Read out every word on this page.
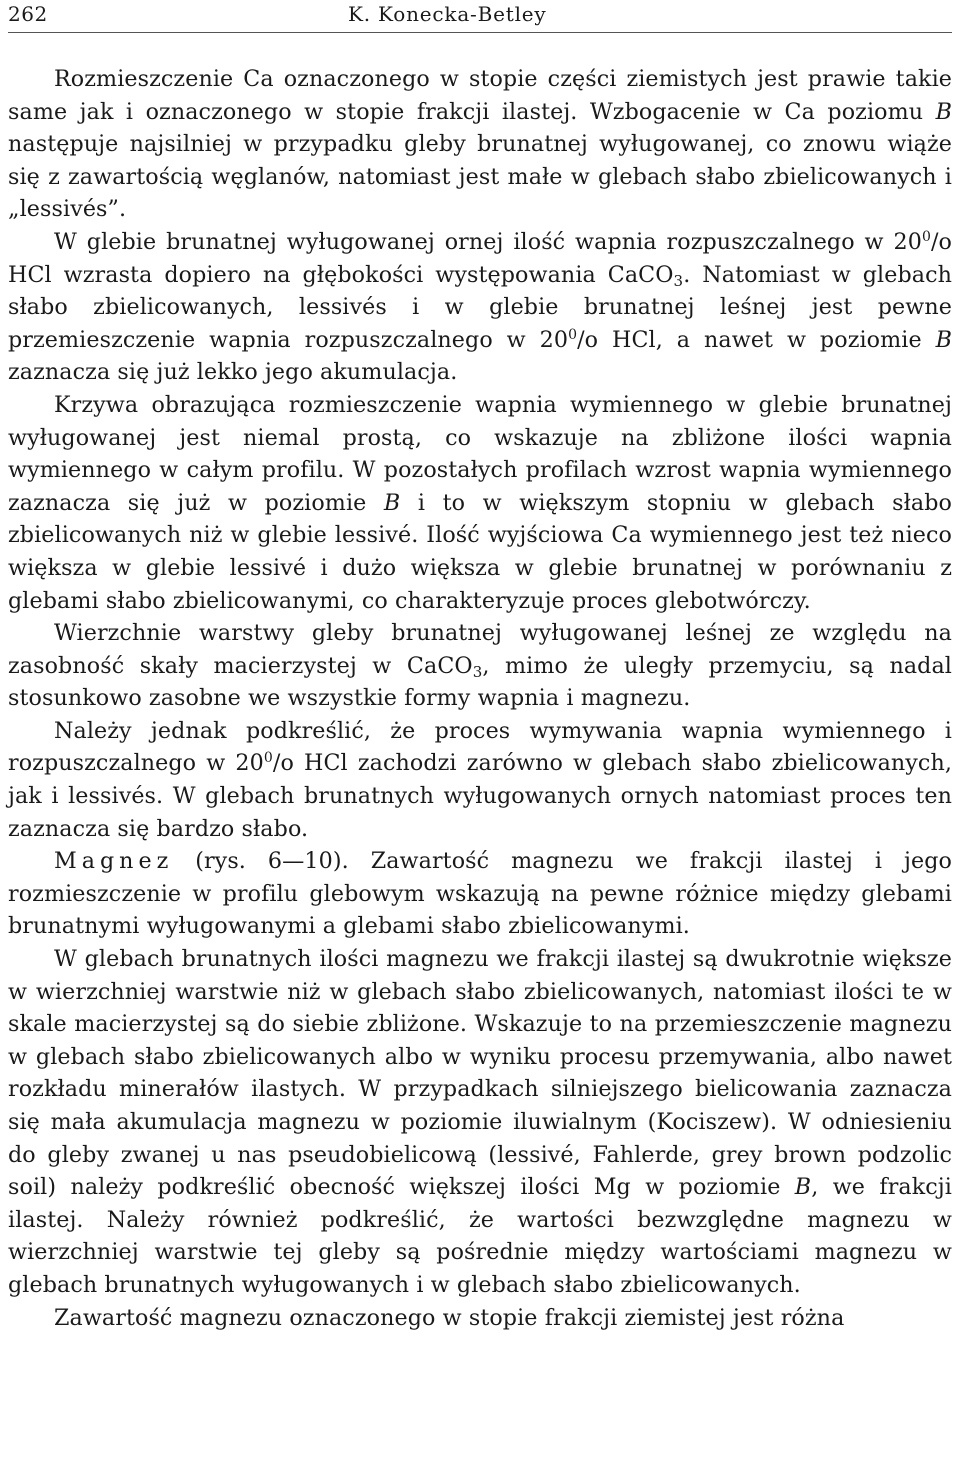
262	K. Konecka-Betley

Rozmieszczenie Ca oznaczonego w stopie części ziemistych jest prawie takie same jak i oznaczonego w stopie frakcji ilastej. Wzbogacenie w Ca poziomu B następuje najsilniej w przypadku gleby brunatnej wyługowanej, co znowu wiąże się z zawartością węglanów, natomiast jest małe w glebach słabo zbielicowanych i „lessivés”.

W glebie brunatnej wyługowanej ornej ilość wapnia rozpuszczalnego w $20^0/o$ HCl wzrasta dopiero na głębokości występowania CaCO$_3$. Natomiast w glebach słabo zbielicowanych, lessivés i w glebie brunatnej leśnej jest pewne przemieszczenie wapnia rozpuszczalnego w $20^0/o$ HCl, a nawet w poziomie B zaznacza się już lekko jego akumulacja.

Krzywa obrazująca rozmieszczenie wapnia wymiennego w glebie brunatnej wyługowanej jest niemal prostą, co wskazuje na zbliżone ilości wapnia wymiennego w całym profilu. W pozostałych profilach wzrost wapnia wymiennego zaznacza się już w poziomie B i to w większym stopniu w glebach słabo zbielicowanych niż w glebie lessivé. Ilość wyjściowa Ca wymiennego jest też nieco większa w glebie lessivé i dużo większa w glebie brunatnej w porównaniu z glebami słabo zbielicowanymi, co charakteryzuje proces glebotwórczy.

Wierzchnie warstwy gleby brunatnej wyługowanej leśnej ze względu na zasobność skały macierzystej w CaCO$_3$, mimo że uległy przemyciu, są nadal stosunkowo zasobne we wszystkie formy wapnia i magnezu.

Należy jednak podkreślić, że proces wymywania wapnia wymiennego i rozpuszczalnego w $20^0/o$ HCl zachodzi zarówno w glebach słabo zbielicowanych, jak i lessivés. W glebach brunatnych wyługowanych ornych natomiast proces ten zaznacza się bardzo słabo.

Magnez (rys. 6—10). Zawartość magnezu we frakcji ilastej i jego rozmieszczenie w profilu glebowym wskazują na pewne różnice między glebami brunatnymi wyługowanymi a glebami słabo zbielicowanymi.

W glebach brunatnych ilości magnezu we frakcji ilastej są dwukrotnie większe w wierzchniej warstwie niż w glebach słabo zbielicowanych, natomiast ilości te w skale macierzystej są do siebie zbliżone. Wskazuje to na przemieszczenie magnezu w glebach słabo zbielicowanych albo w wyniku procesu przemywania, albo nawet rozkładu minerałów ilastych. W przypadkach silniejszego bielicowania zaznacza się mała akumulacja magnezu w poziomie iluwialnym (Kociszew). W odniesieniu do gleby zwanej u nas pseudobielicową (lessivé, Fahlerde, grey brown podzolic soil) należy podkreślić obecność większej ilości Mg w poziomie B, we frakcji ilastej. Należy również podkreślić, że wartości bezwzględne magnezu w wierzchniej warstwie tej gleby są pośrednie między wartościami magnezu w glebach brunatnych wyługowanych i w glebach słabo zbielicowanych.

Zawartość magnezu oznaczonego w stopie frakcji ziemistej jest różna
